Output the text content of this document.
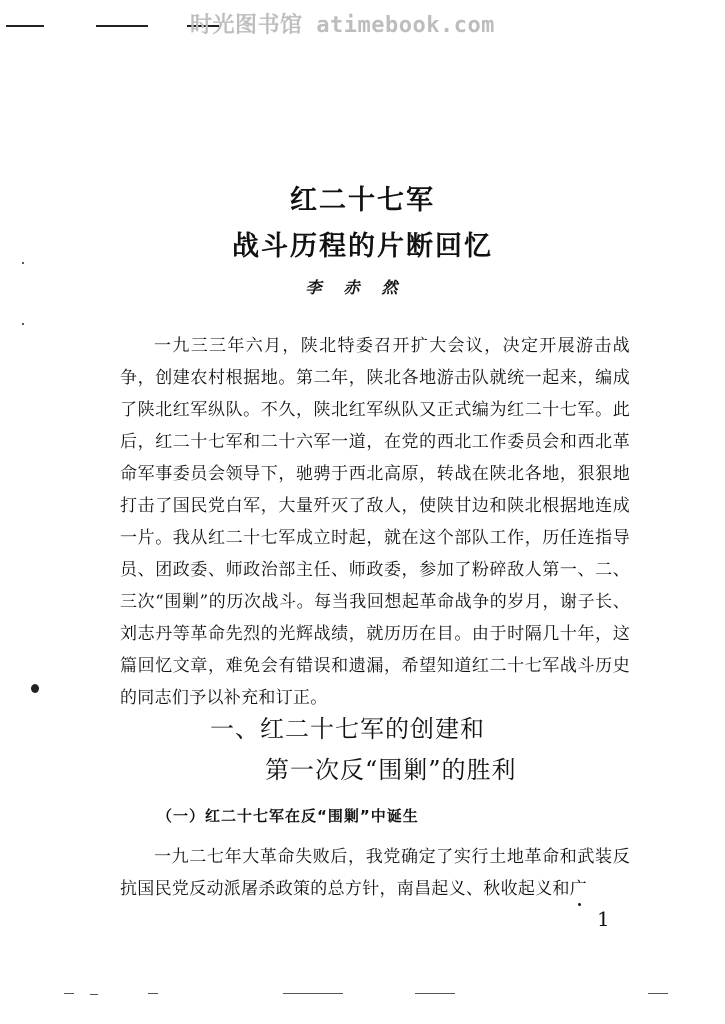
时光图书馆 atimebook.com
红二十七军
战斗历程的片断回忆
李赤然

一九三三年六月，陕北特委召开扩大会议，决定开展游击战争，创建农村根据地。第二年，陕北各地游击队就统一起来，编成了陕北红军纵队。不久，陕北红军纵队又正式编为红二十七军。此后，红二十七军和二十六军一道，在党的西北工作委员会和西北革命军事委员会领导下，驰骋于西北高原，转战在陕北各地，狠狠地打击了国民党白军，大量歼灭了敌人，使陕甘边和陕北根据地连成一片。我从红二十七军成立时起，就在这个部队工作，历任连指导员、团政委、师政治部主任、师政委，参加了粉碎敌人第一、二、三次“围剿”的历次战斗。每当我回想起革命战争的岁月，谢子长、刘志丹等革命先烈的光辉战绩，就历历在目。由于时隔几十年，这篇回忆文章，难免会有错误和遗漏，希望知道红二十七军战斗历史的同志们予以补充和订正。

一、红二十七军的创建和
第一次反“围剿”的胜利
（一）红二十七军在反“围剿”中诞生

一九二七年大革命失败后，我党确定了实行土地革命和武装反抗国民党反动派屠杀政策的总方针，南昌起义、秋收起义和广

1
